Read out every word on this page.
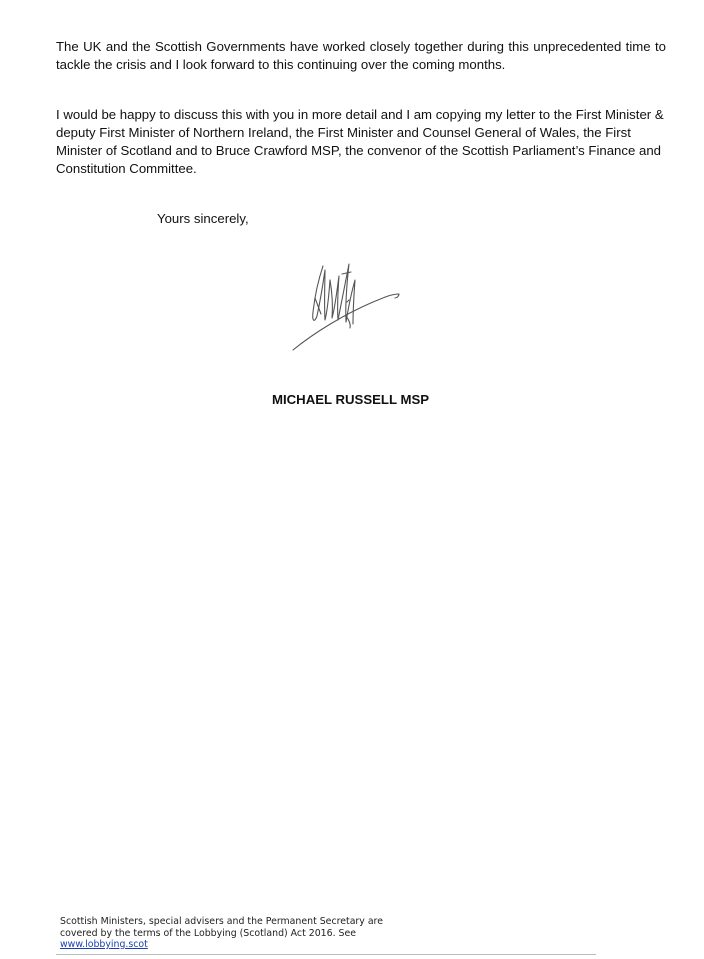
The UK and the Scottish Governments have worked closely together during this unprecedented time to tackle the crisis and I look forward to this continuing over the coming months.

I would be happy to discuss this with you in more detail and I am copying my letter to the First Minister & deputy First Minister of Northern Ireland, the First Minister and Counsel General of Wales, the First Minister of Scotland and to Bruce Crawford MSP, the convenor of the Scottish Parliament’s Finance and Constitution Committee.

Yours sincerely,

MICHAEL RUSSELL MSP

Scottish Ministers, special advisers and the Permanent Secretary are covered by the terms of the Lobbying (Scotland) Act 2016. See
www.lobbying.scot
